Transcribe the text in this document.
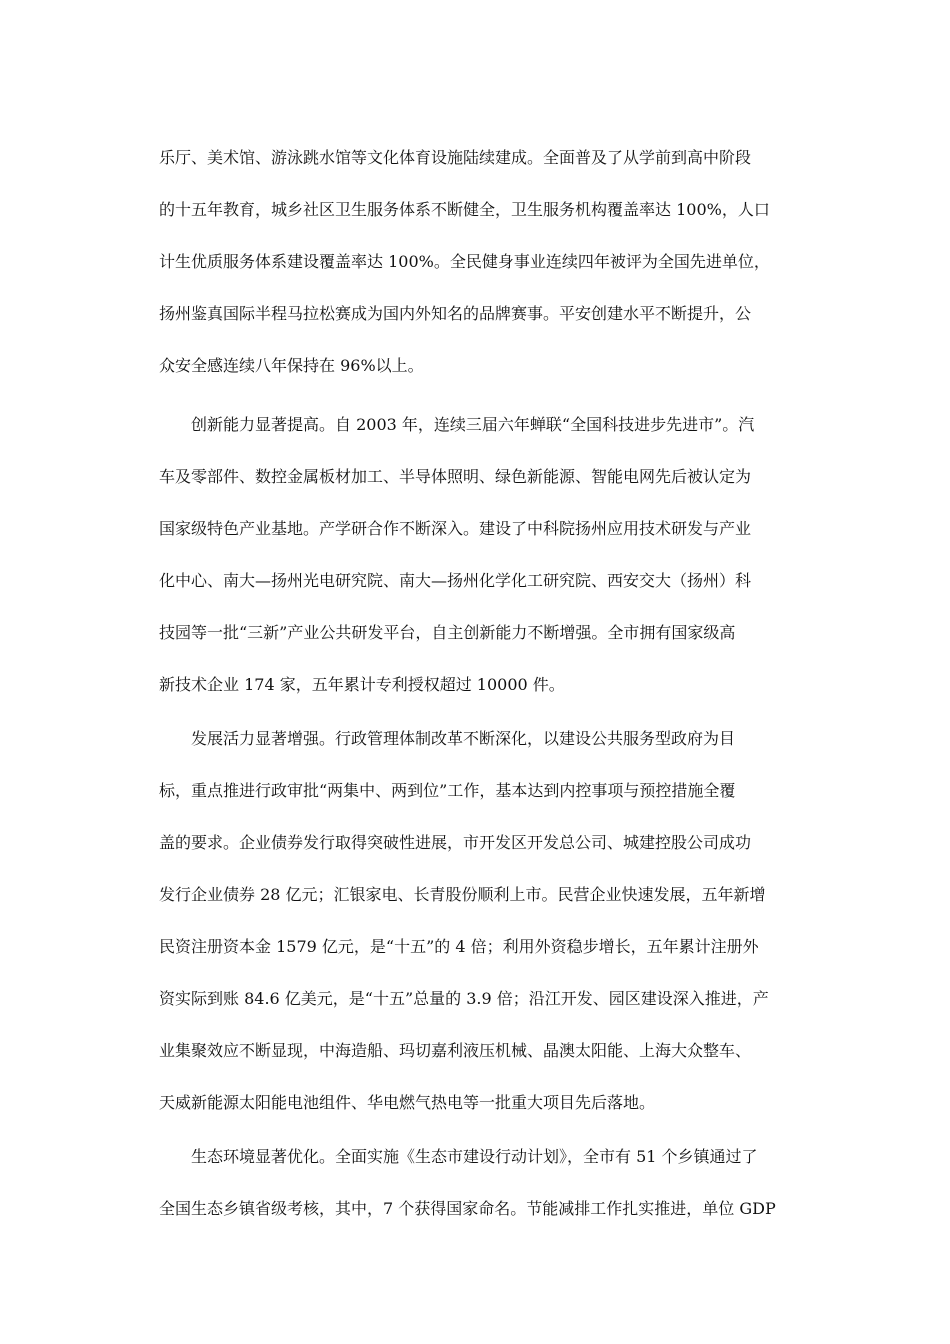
乐厅、美术馆、游泳跳水馆等文化体育设施陆续建成。全面普及了从学前到高中阶段
的十五年教育，城乡社区卫生服务体系不断健全，卫生服务机构覆盖率达 100%，人口
计生优质服务体系建设覆盖率达 100%。全民健身事业连续四年被评为全国先进单位，
扬州鉴真国际半程马拉松赛成为国内外知名的品牌赛事。平安创建水平不断提升，公
众安全感连续八年保持在 96%以上。
创新能力显著提高。自 2003 年，连续三届六年蝉联“全国科技进步先进市”。汽
车及零部件、数控金属板材加工、半导体照明、绿色新能源、智能电网先后被认定为
国家级特色产业基地。产学研合作不断深入。建设了中科院扬州应用技术研发与产业
化中心、南大—扬州光电研究院、南大—扬州化学化工研究院、西安交大（扬州）科
技园等一批“三新”产业公共研发平台，自主创新能力不断增强。全市拥有国家级高
新技术企业 174 家，五年累计专利授权超过 10000 件。
发展活力显著增强。行政管理体制改革不断深化，以建设公共服务型政府为目
标，重点推进行政审批“两集中、两到位”工作，基本达到内控事项与预控措施全覆
盖的要求。企业债券发行取得突破性进展，市开发区开发总公司、城建控股公司成功
发行企业债券 28 亿元；汇银家电、长青股份顺利上市。民营企业快速发展，五年新增
民资注册资本金 1579 亿元，是“十五”的 4 倍；利用外资稳步增长，五年累计注册外
资实际到账 84.6 亿美元，是“十五”总量的 3.9 倍；沿江开发、园区建设深入推进，产
业集聚效应不断显现，中海造船、玛切嘉利液压机械、晶澳太阳能、上海大众整车、
天威新能源太阳能电池组件、华电燃气热电等一批重大项目先后落地。
生态环境显著优化。全面实施《生态市建设行动计划》，全市有 51 个乡镇通过了
全国生态乡镇省级考核，其中，7 个获得国家命名。节能减排工作扎实推进，单位 GDP
